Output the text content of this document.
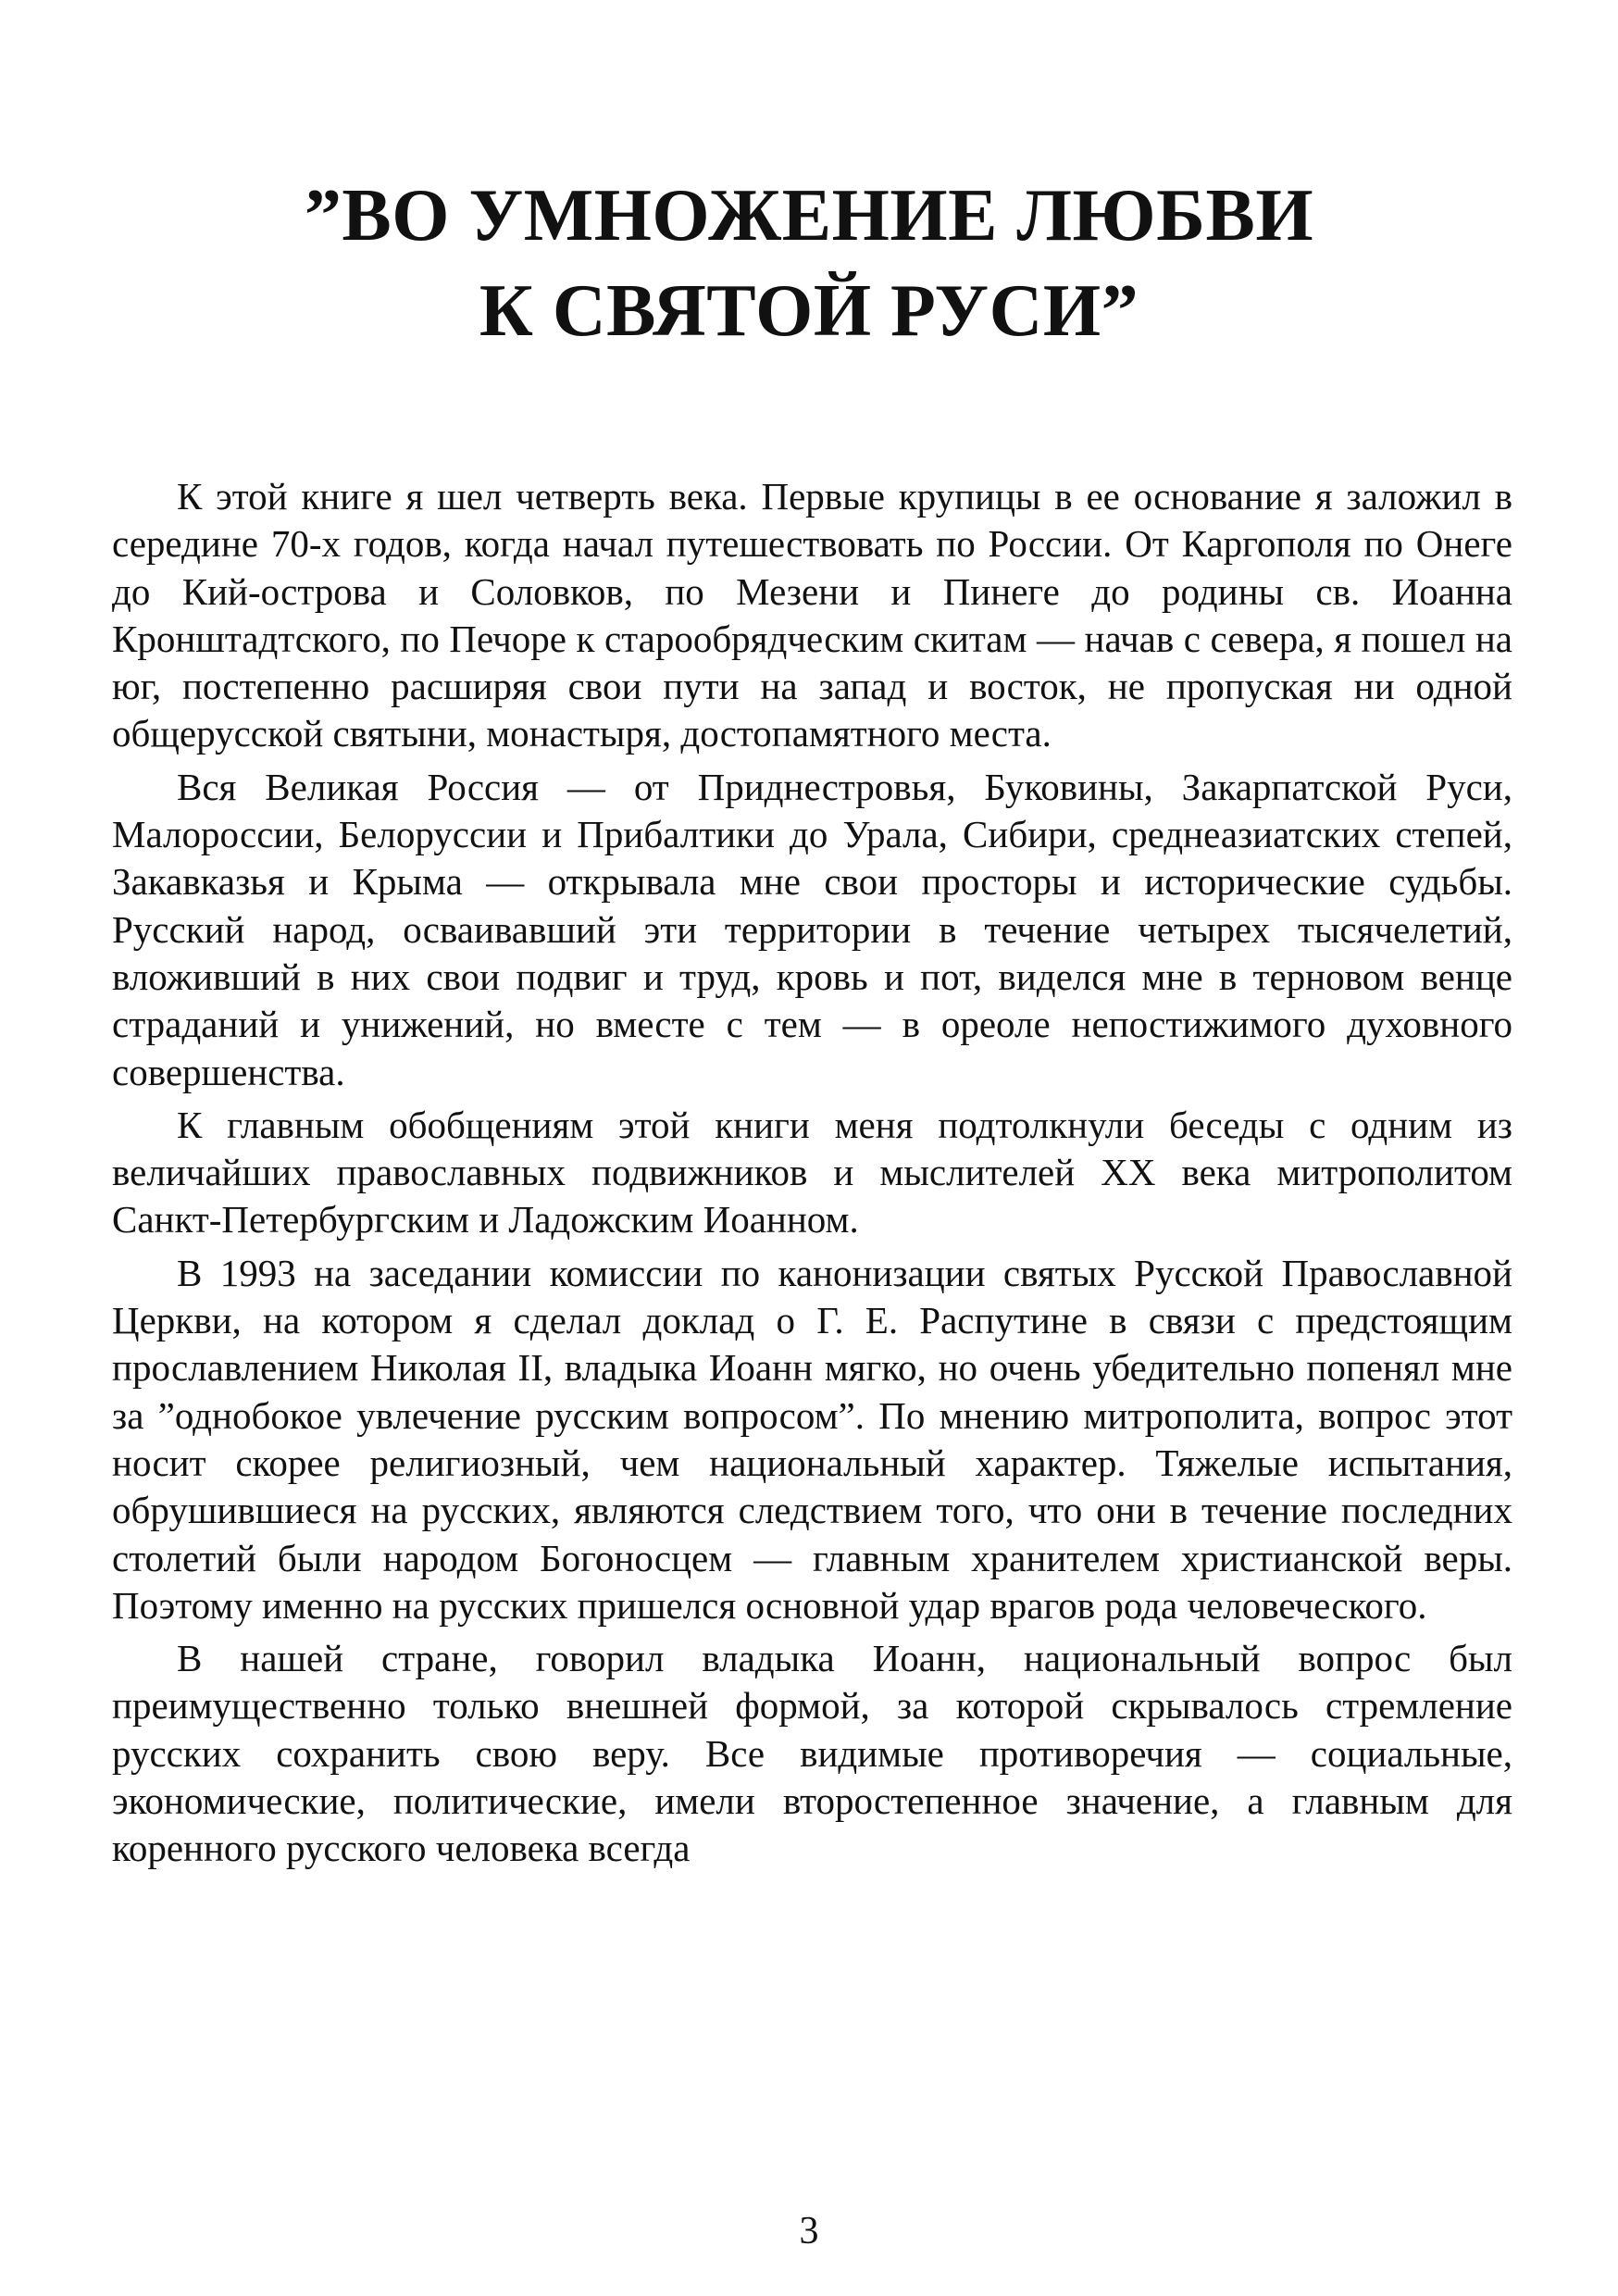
”ВО УМНОЖЕНИЕ ЛЮБВИ
К СВЯТОЙ РУСИ”

К этой книге я шел четверть века. Первые крупицы в ее основание я заложил в середине 70-х годов, когда начал путешествовать по России. От Каргополя по Онеге до Кий-острова и Соловков, по Мезени и Пинеге до родины св. Иоанна Кронштадтского, по Печоре к старообрядческим скитам — начав с севера, я пошел на юг, постепенно расширяя свои пути на запад и восток, не пропуская ни одной общерусской святыни, монастыря, достопамятного места.

Вся Великая Россия — от Приднестровья, Буковины, Закарпатской Руси, Малороссии, Белоруссии и Прибалтики до Урала, Сибири, среднеазиатских степей, Закавказья и Крыма — открывала мне свои просторы и исторические судьбы. Русский народ, осваивавший эти территории в течение четырех тысячелетий, вложивший в них свои подвиг и труд, кровь и пот, виделся мне в терновом венце страданий и унижений, но вместе с тем — в ореоле непостижимого духовного совершенства.

К главным обобщениям этой книги меня подтолкнули беседы с одним из величайших православных подвижников и мыслителей XX века митрополитом Санкт-Петербургским и Ладожским Иоанном.

В 1993 на заседании комиссии по канонизации святых Русской Православной Церкви, на котором я сделал доклад о Г. Е. Распутине в связи с предстоящим прославлением Николая II, владыка Иоанн мягко, но очень убедительно попенял мне за ”однобокое увлечение русским вопросом”. По мнению митрополита, вопрос этот носит скорее религиозный, чем национальный характер. Тяжелые испытания, обрушившиеся на русских, являются следствием того, что они в течение последних столетий были народом Богоносцем — главным хранителем христианской веры. Поэтому именно на русских пришелся основной удар врагов рода человеческого.

В нашей стране, говорил владыка Иоанн, национальный вопрос был преимущественно только внешней формой, за которой скрывалось стремление русских сохранить свою веру. Все видимые противоречия — социальные, экономические, политические, имели второстепенное значение, а главным для коренного русского человека всегда

3
